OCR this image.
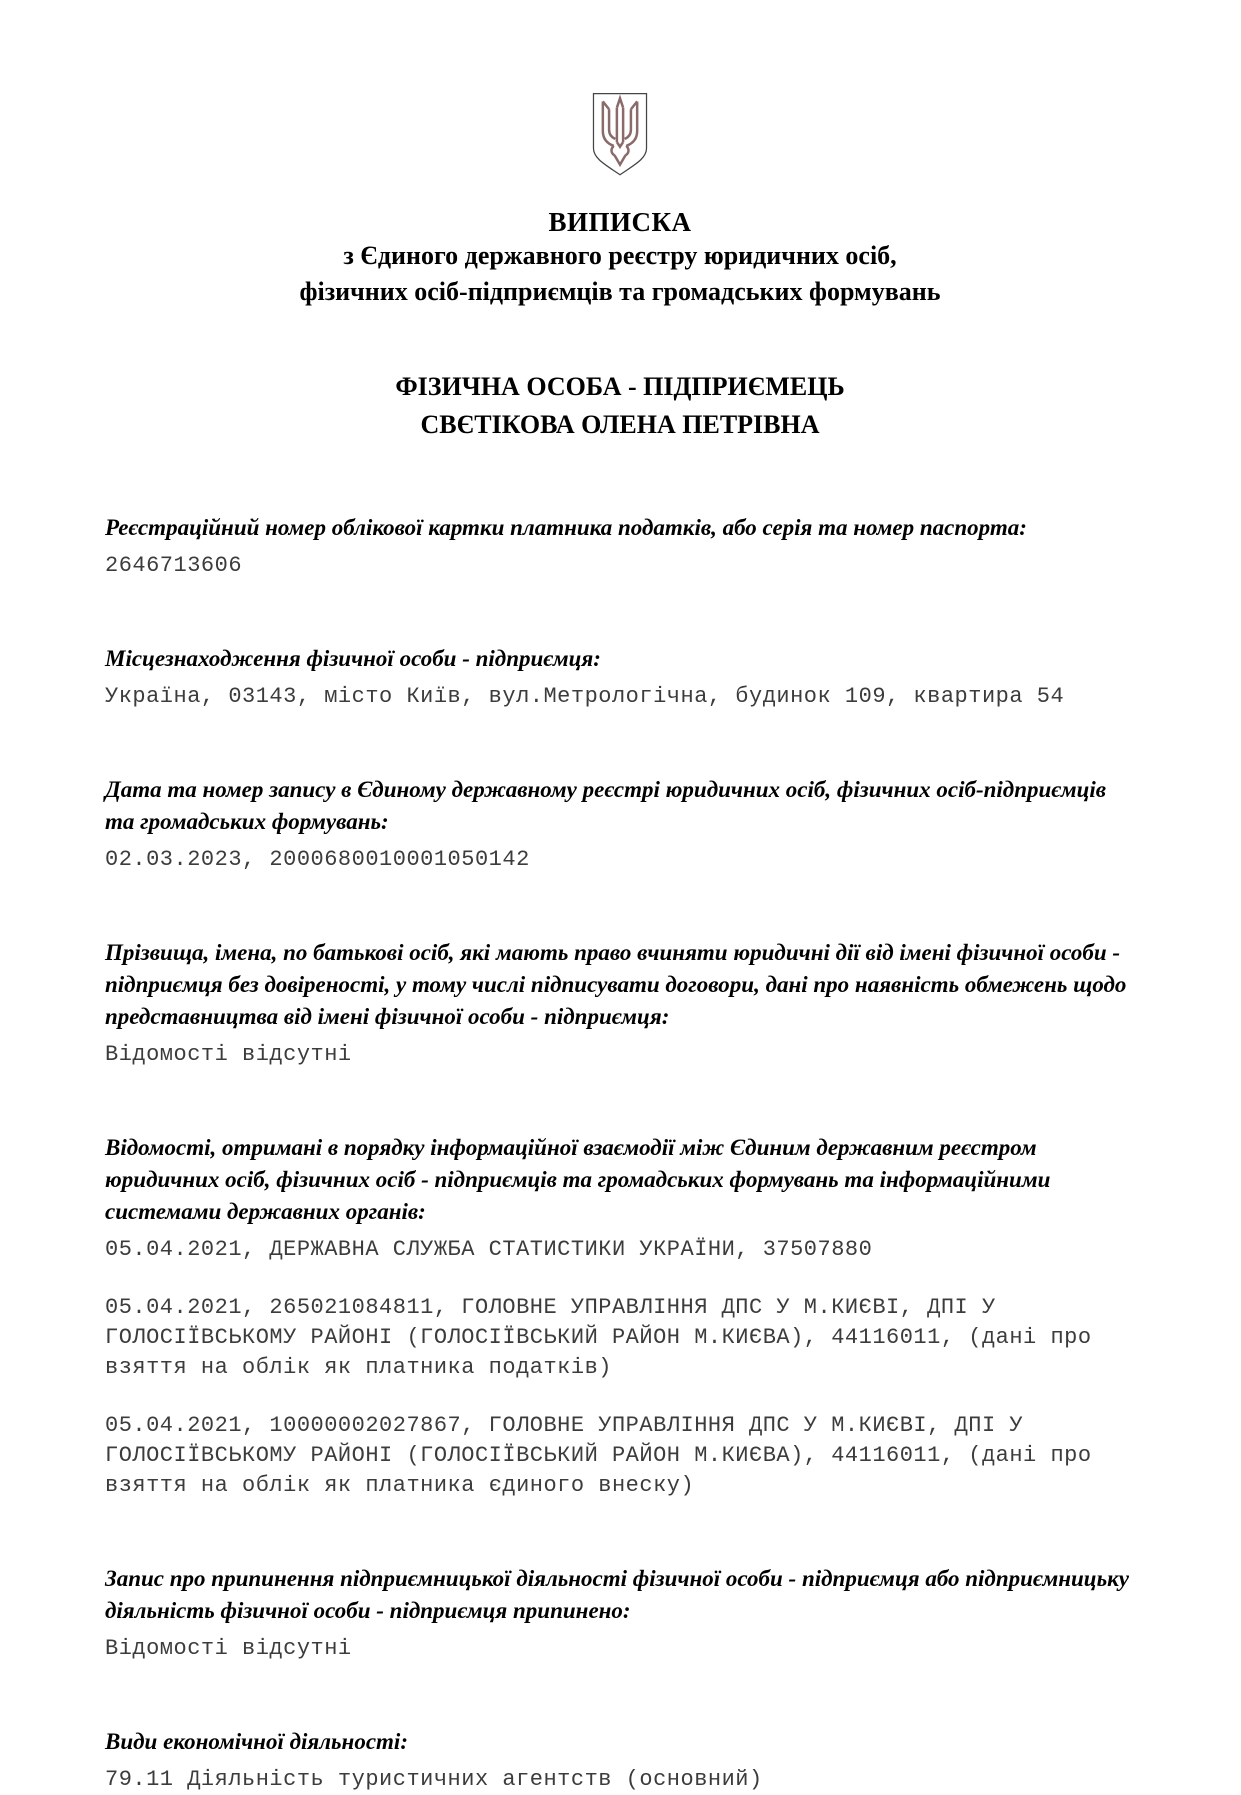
ВИПИСКА
з Єдиного державного реєстру юридичних осіб,
фізичних осіб-підприємців та громадських формувань
ФІЗИЧНА ОСОБА - ПІДПРИЄМЕЦЬ
СВЄТІКОВА ОЛЕНА ПЕТРІВНА
Реєстраційний номер облікової картки платника податків, або серія та номер паспорта:
2646713606
Місцезнаходження фізичної особи - підприємця:
Україна, 03143, місто Київ, вул.Метрологічна, будинок 109, квартира 54
Дата та номер запису в Єдиному державному реєстрі юридичних осіб, фізичних осіб-підприємців та громадських формувань:
02.03.2023, 2000680010001050142
Прізвища, імена, по батькові осіб, які мають право вчиняти юридичні дії від імені фізичної особи - підприємця без довіреності, у тому числі підписувати договори, дані про наявність обмежень щодо представництва від імені фізичної особи - підприємця:
Відомості відсутні
Відомості, отримані в порядку інформаційної взаємодії між Єдиним державним реєстром юридичних осіб, фізичних осіб - підприємців та громадських формувань та інформаційними системами державних органів:
05.04.2021, ДЕРЖАВНА СЛУЖБА СТАТИСТИКИ УКРАЇНИ, 37507880
05.04.2021, 265021084811, ГОЛОВНЕ УПРАВЛІННЯ ДПС У М.КИЄВІ, ДПІ У ГОЛОСІЇВСЬКОМУ РАЙОНІ (ГОЛОСІЇВСЬКИЙ РАЙОН М.КИЄВА), 44116011, (дані про взяття на облік як платника податків)
05.04.2021, 10000002027867, ГОЛОВНЕ УПРАВЛІННЯ ДПС У М.КИЄВІ, ДПІ У ГОЛОСІЇВСЬКОМУ РАЙОНІ (ГОЛОСІЇВСЬКИЙ РАЙОН М.КИЄВА), 44116011, (дані про взяття на облік як платника єдиного внеску)
Запис про припинення підприємницької діяльності фізичної особи - підприємця або підприємницьку діяльність фізичної особи - підприємця припинено:
Відомості відсутні
Види економічної діяльності:
79.11 Діяльність туристичних агентств (основний)
